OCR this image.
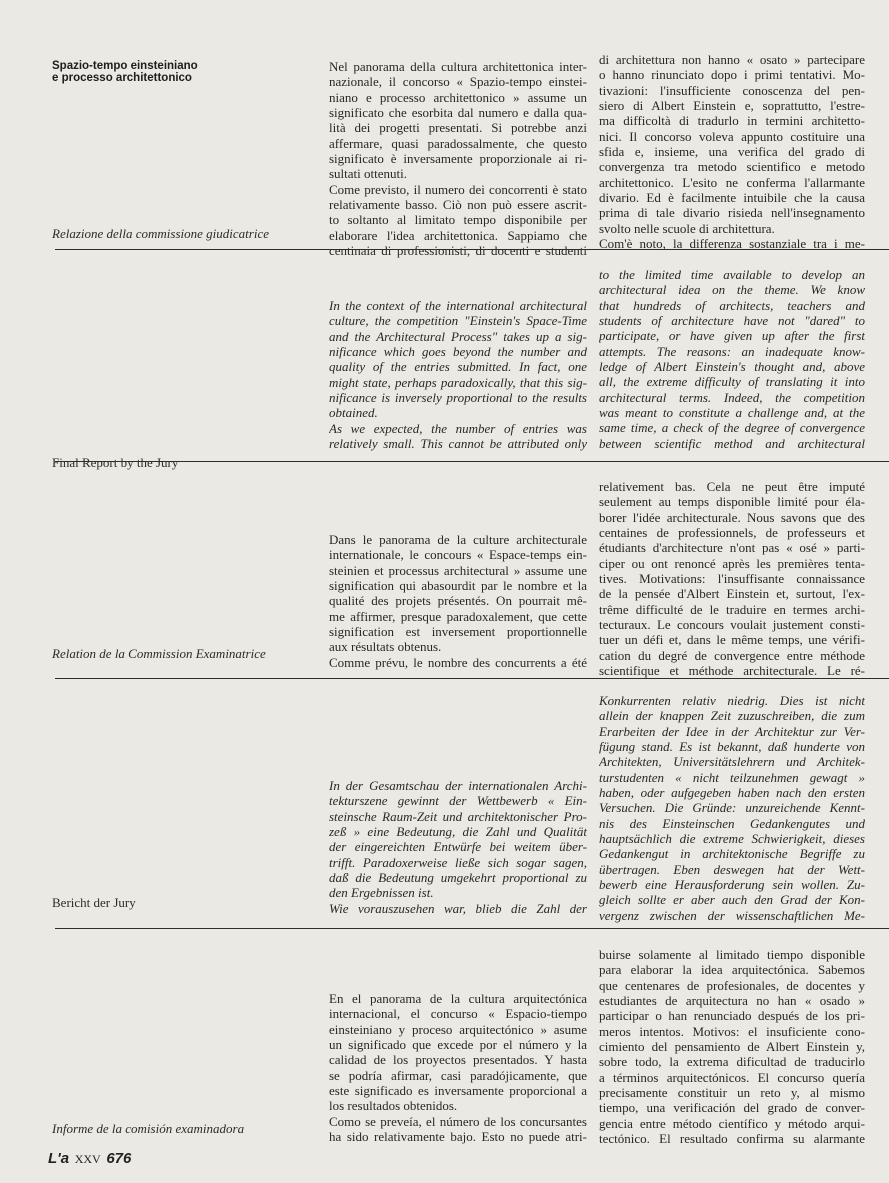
Spazio-tempo einsteiniano
e processo architettonico
Relazione della commissione giudicatrice
Nel panorama della cultura architettonica inter-
nazionale, il concorso « Spazio-tempo einstei-
niano e processo architettonico » assume un
significato che esorbita dal numero e dalla qua-
lità dei progetti presentati. Si potrebbe anzi
affermare, quasi paradossalmente, che questo
significato è inversamente proporzionale ai ri-
sultati ottenuti.
Come previsto, il numero dei concorrenti è stato
relativamente basso. Ciò non può essere ascrit-
to soltanto al limitato tempo disponibile per
elaborare l'idea architettonica. Sappiamo che
centinaia di professionisti, di docenti e studenti
di architettura non hanno « osato » partecipare
o hanno rinunciato dopo i primi tentativi. Mo-
tivazioni: l'insufficiente conoscenza del pen-
siero di Albert Einstein e, soprattutto, l'estre-
ma difficoltà di tradurlo in termini architetto-
nici. Il concorso voleva appunto costituire una
sfida e, insieme, una verifica del grado di
convergenza tra metodo scientifico e metodo
architettonico. L'esito ne conferma l'allarmante
divario. Ed è facilmente intuibile che la causa
prima di tale divario risieda nell'insegnamento
svolto nelle scuole di architettura.
Com'è noto, la differenza sostanziale tra i me-
Final Report by the Jury
In the context of the international architectural
culture, the competition "Einstein's Space-Time
and the Architectural Process" takes up a sig-
nificance which goes beyond the number and
quality of the entries submitted. In fact, one
might state, perhaps paradoxically, that this sig-
nificance is inversely proportional to the results
obtained.
As we expected, the number of entries was
relatively small. This cannot be attributed only
to the limited time available to develop an
architectural idea on the theme. We know
that hundreds of architects, teachers and
students of architecture have not "dared" to
participate, or have given up after the first
attempts. The reasons: an inadequate know-
ledge of Albert Einstein's thought and, above
all, the extreme difficulty of translating it into
architectural terms. Indeed, the competition
was meant to constitute a challenge and, at the
same time, a check of the degree of convergence
between scientific method and architectural
Relation de la Commission Examinatrice
Dans le panorama de la culture architecturale
internationale, le concours « Espace-temps ein-
steinien et processus architectural » assume une
signification qui abasourdit par le nombre et la
qualité des projets présentés. On pourrait mê-
me affirmer, presque paradoxalement, que cette
signification est inversement proportionnelle
aux résultats obtenus.
Comme prévu, le nombre des concurrents a été
relativement bas. Cela ne peut être imputé
seulement au temps disponible limité pour éla-
borer l'idée architecturale. Nous savons que des
centaines de professionnels, de professeurs et
étudiants d'architecture n'ont pas « osé » parti-
ciper ou ont renoncé après les premières tenta-
tives. Motivations: l'insuffisante connaissance
de la pensée d'Albert Einstein et, surtout, l'ex-
trême difficulté de le traduire en termes archi-
tecturaux. Le concours voulait justement consti-
tuer un défi et, dans le même temps, une vérifi-
cation du degré de convergence entre méthode
scientifique et méthode architecturale. Le ré-
Bericht der Jury
In der Gesamtschau der internationalen Archi-
tekturszene gewinnt der Wettbewerb « Ein-
steinsche Raum-Zeit und architektonischer Pro-
zeß » eine Bedeutung, die Zahl und Qualität
der eingereichten Entwürfe bei weitem über-
trifft. Paradoxerweise ließe sich sogar sagen,
daß die Bedeutung umgekehrt proportional zu
den Ergebnissen ist.
Wie vorauszusehen war, blieb die Zahl der
Konkurrenten relativ niedrig. Dies ist nicht
allein der knappen Zeit zuzuschreiben, die zum
Erarbeiten der Idee in der Architektur zur Ver-
fügung stand. Es ist bekannt, daß hunderte von
Architekten, Universitätslehrern und Architek-
turstudenten « nicht teilzunehmen gewagt »
haben, oder aufgegeben haben nach den ersten
Versuchen. Die Gründe: unzureichende Kennt-
nis des Einsteinschen Gedankengutes und
hauptsächlich die extreme Schwierigkeit, dieses
Gedankengut in architektonische Begriffe zu
übertragen. Eben deswegen hat der Wett-
bewerb eine Herausforderung sein wollen. Zu-
gleich sollte er aber auch den Grad der Kon-
vergenz zwischen der wissenschaftlichen Me-
Informe de la comisión examinadora
En el panorama de la cultura arquitectónica
internacional, el concurso « Espacio-tiempo
einsteiniano y proceso arquitectónico » asume
un significado que excede por el número y la
calidad de los proyectos presentados. Y hasta
se podría afirmar, casi paradójicamente, que
este significado es inversamente proporcional a
los resultados obtenidos.
Como se preveía, el número de los concursantes
ha sido relativamente bajo. Esto no puede atri-
buirse solamente al limitado tiempo disponible
para elaborar la idea arquitectónica. Sabemos
que centenares de profesionales, de docentes y
estudiantes de arquitectura no han « osado »
participar o han renunciado después de los pri-
meros intentos. Motivos: el insuficiente cono-
cimiento del pensamiento de Albert Einstein y,
sobre todo, la extrema dificultad de traducirlo
a términos arquitectónicos. El concurso quería
precisamente constituir un reto y, al mismo
tiempo, una verificación del grado de conver-
gencia entre método científico y método arqui-
tectónico. El resultado confirma su alarmante
L'a XXV 676
